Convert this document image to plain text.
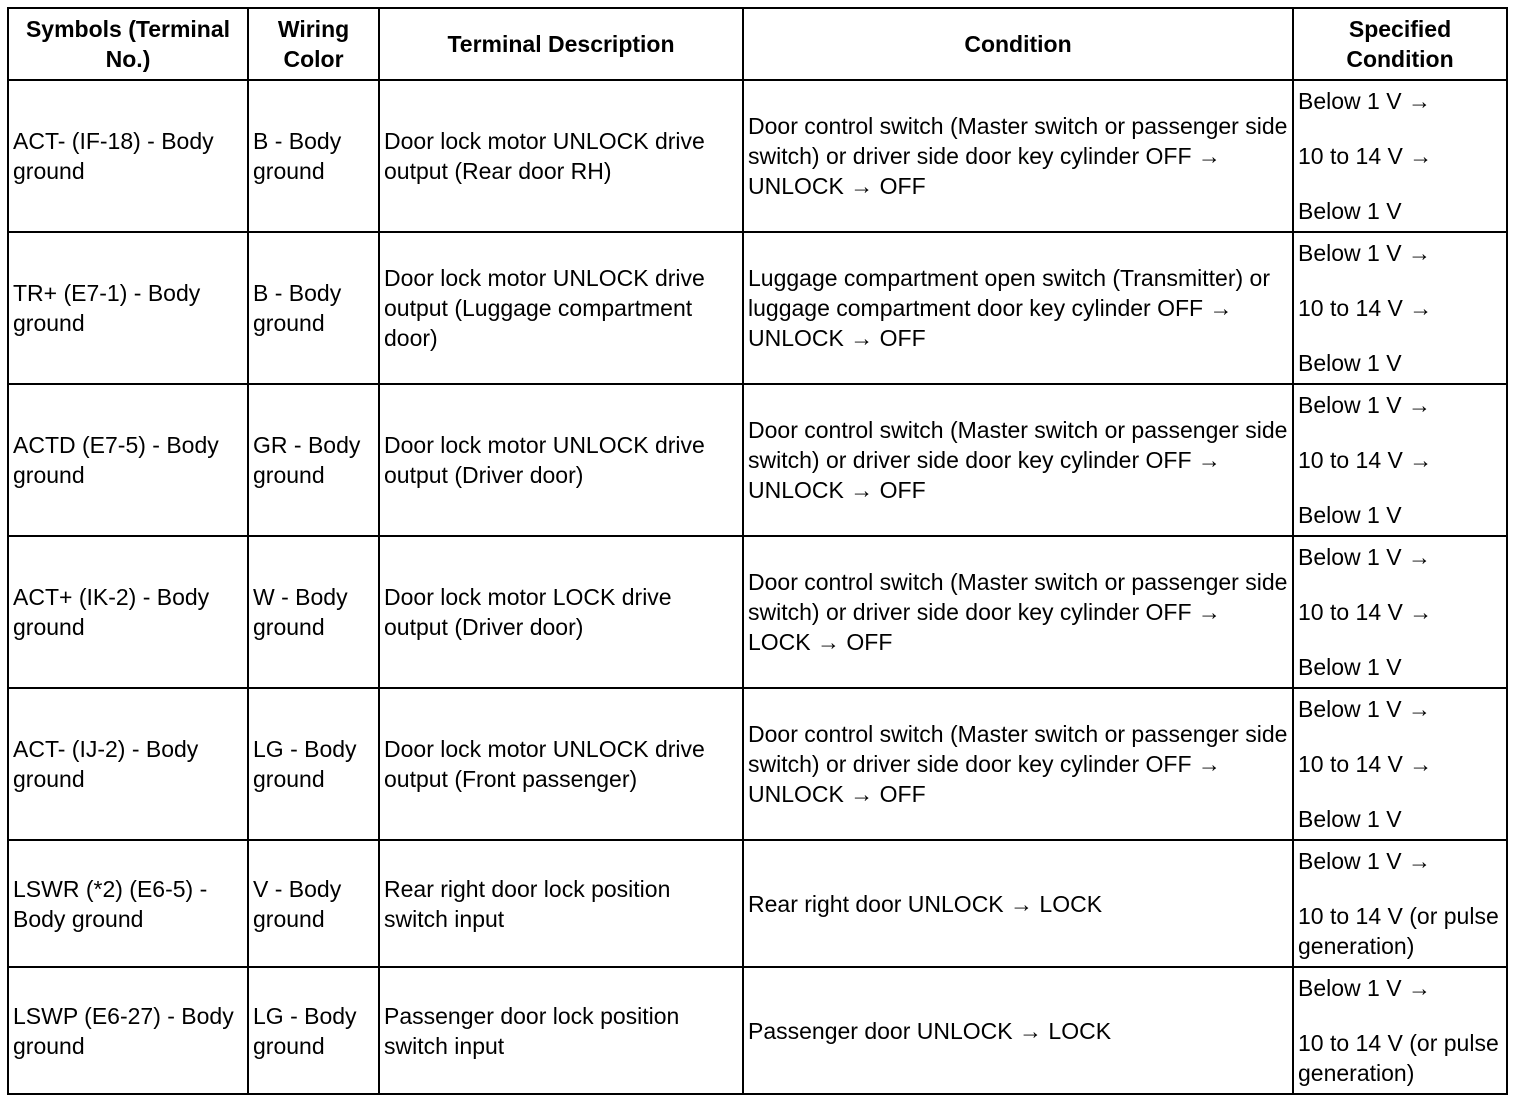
Symbols (Terminal No.)	Wiring Color	Terminal Description	Condition	Specified Condition
ACT- (IF-18) - Body ground	B - Body ground	Door lock motor UNLOCK drive output (Rear door RH)	Door control switch (Master switch or passenger side switch) or driver side door key cylinder OFF → UNLOCK → OFF	Below 1 V →
10 to 14 V →
Below 1 V

TR+ (E7-1) - Body ground	B - Body ground	Door lock motor UNLOCK drive output (Luggage compartment door)	Luggage compartment open switch (Transmitter) or luggage compartment door key cylinder OFF → UNLOCK → OFF	Below 1 V →
10 to 14 V →
Below 1 V

ACTD (E7-5) - Body ground	GR - Body ground	Door lock motor UNLOCK drive output (Driver door)	Door control switch (Master switch or passenger side switch) or driver side door key cylinder OFF → UNLOCK → OFF	Below 1 V →
10 to 14 V →
Below 1 V

ACT+ (IK-2) - Body ground	W - Body ground	Door lock motor LOCK drive output (Driver door)	Door control switch (Master switch or passenger side switch) or driver side door key cylinder OFF → LOCK → OFF	Below 1 V →
10 to 14 V →
Below 1 V

ACT- (IJ-2) - Body ground	LG - Body ground	Door lock motor UNLOCK drive output (Front passenger)	Door control switch (Master switch or passenger side switch) or driver side door key cylinder OFF → UNLOCK → OFF	Below 1 V →
10 to 14 V →
Below 1 V

LSWR (*2) (E6-5) - Body ground	V - Body ground	Rear right door lock position switch input	Rear right door UNLOCK → LOCK	Below 1 V →
10 to 14 V (or pulse generation)

LSWP (E6-27) - Body ground	LG - Body ground	Passenger door lock position switch input	Passenger door UNLOCK → LOCK	Below 1 V →
10 to 14 V (or pulse generation)
